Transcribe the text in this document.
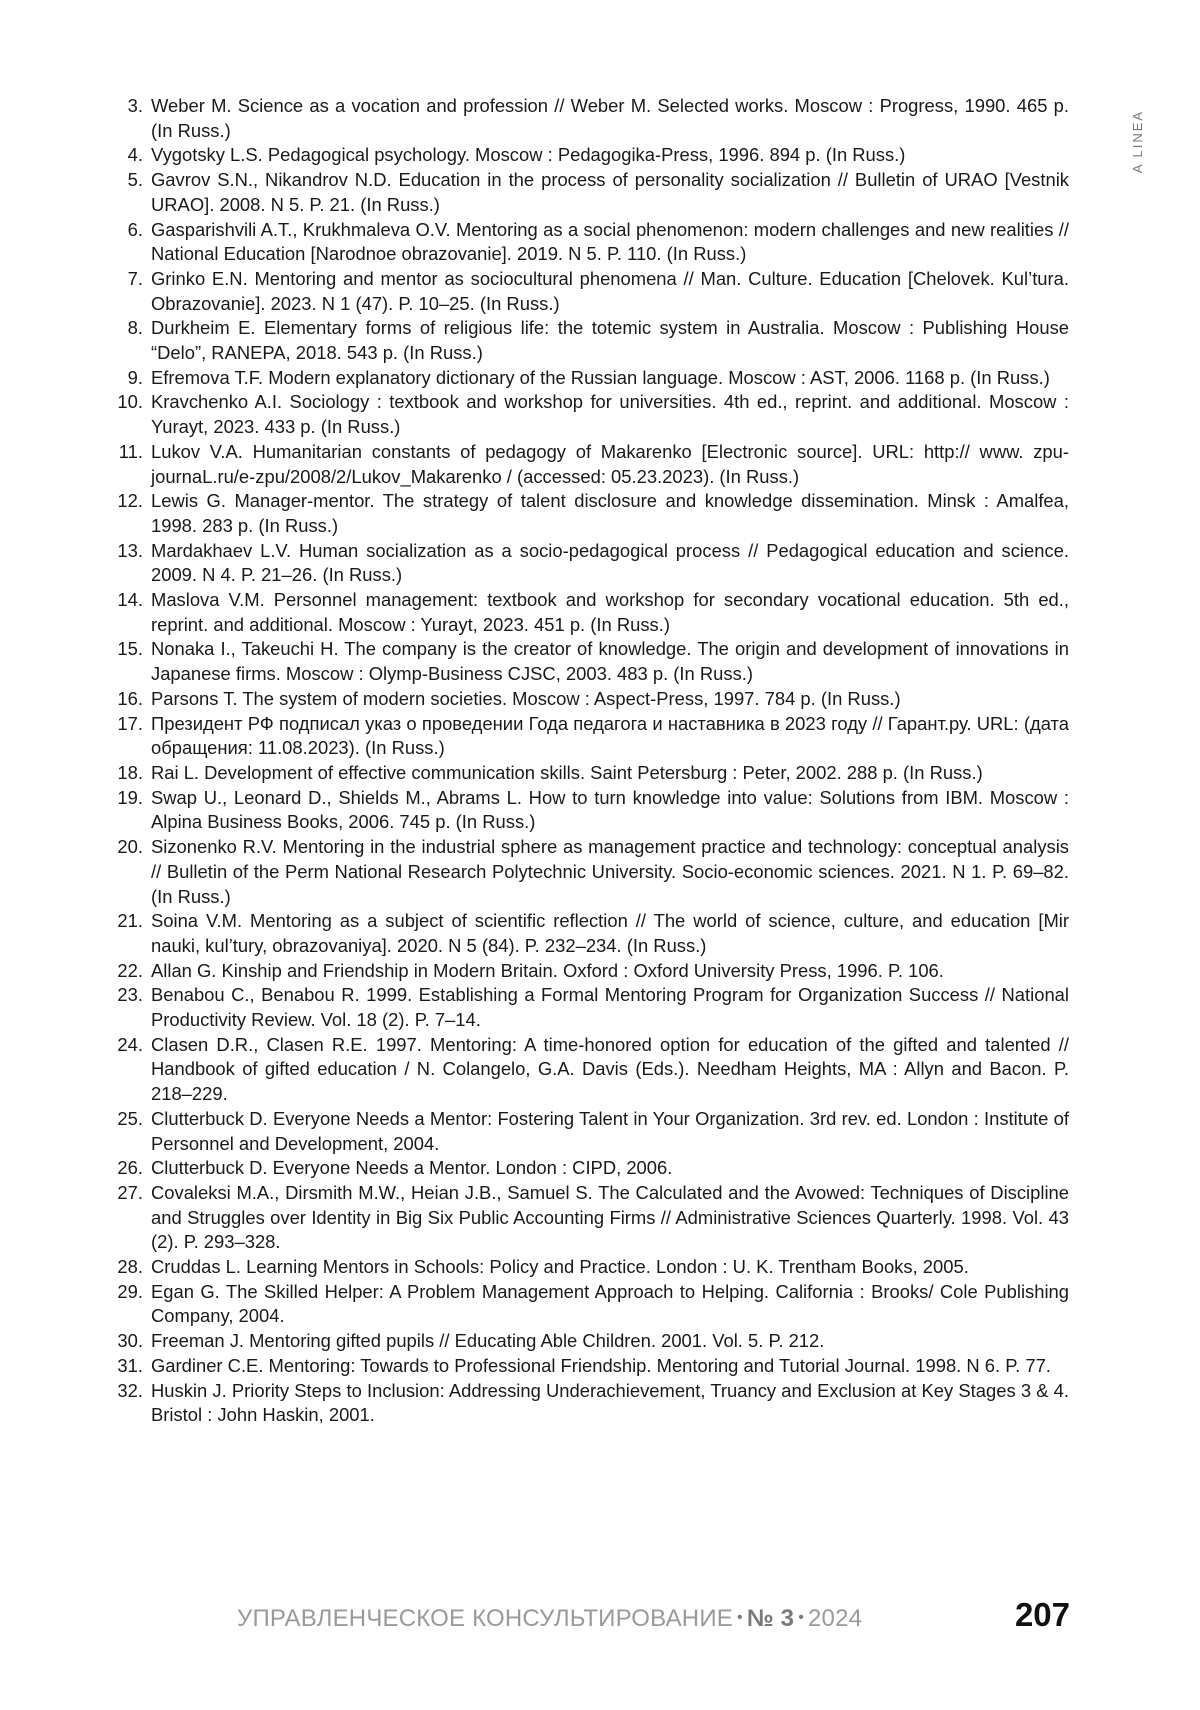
A LINEA
3. Weber M. Science as a vocation and profession // Weber M. Selected works. Moscow : Progress, 1990. 465 p. (In Russ.)
4. Vygotsky L.S. Pedagogical psychology. Moscow : Pedagogika-Press, 1996. 894 p. (In Russ.)
5. Gavrov S.N., Nikandrov N.D. Education in the process of personality socialization // Bulletin of URAO [Vestnik URAO]. 2008. N 5. P. 21. (In Russ.)
6. Gasparishvili A.T., Krukhmaleva O.V. Mentoring as a social phenomenon: modern challenges and new realities // National Education [Narodnoe obrazovanie]. 2019. N 5. P. 110. (In Russ.)
7. Grinko E.N. Mentoring and mentor as sociocultural phenomena // Man. Culture. Education [Chelovek. Kul’tura. Obrazovanie]. 2023. N 1 (47). P. 10–25. (In Russ.)
8. Durkheim E. Elementary forms of religious life: the totemic system in Australia. Moscow : Publishing House “Delo”, RANEPA, 2018. 543 p. (In Russ.)
9. Efremova T.F. Modern explanatory dictionary of the Russian language. Moscow : AST, 2006. 1168 p. (In Russ.)
10. Kravchenko A.I. Sociology : textbook and workshop for universities. 4th ed., reprint. and additional. Moscow : Yurayt, 2023. 433 p. (In Russ.)
11. Lukov V.A. Humanitarian constants of pedagogy of Makarenko [Electronic source]. URL: http:// www. zpu-journaL.ru/e-zpu/2008/2/Lukov_Makarenko / (accessed: 05.23.2023). (In Russ.)
12. Lewis G. Manager-mentor. The strategy of talent disclosure and knowledge dissemination. Minsk : Amalfea, 1998. 283 p. (In Russ.)
13. Mardakhaev L.V. Human socialization as a socio-pedagogical process // Pedagogical education and science. 2009. N 4. P. 21–26. (In Russ.)
14. Maslova V.M. Personnel management: textbook and workshop for secondary vocational education. 5th ed., reprint. and additional. Moscow : Yurayt, 2023. 451 p. (In Russ.)
15. Nonaka I., Takeuchi H. The company is the creator of knowledge. The origin and development of innovations in Japanese firms. Moscow : Olymp-Business CJSC, 2003. 483 p. (In Russ.)
16. Parsons T. The system of modern societies. Moscow : Aspect-Press, 1997. 784 p. (In Russ.)
17. Президент РФ подписал указ о проведении Года педагога и наставника в 2023 году // Гарант.ру. URL: (дата обращения: 11.08.2023). (In Russ.)
18. Rai L. Development of effective communication skills. Saint Petersburg : Peter, 2002. 288 p. (In Russ.)
19. Swap U., Leonard D., Shields M., Abrams L. How to turn knowledge into value: Solutions from IBM. Moscow : Alpina Business Books, 2006. 745 p. (In Russ.)
20. Sizonenko R.V. Mentoring in the industrial sphere as management practice and technology: conceptual analysis // Bulletin of the Perm National Research Polytechnic University. Socio-economic sciences. 2021. N 1. P. 69–82. (In Russ.)
21. Soina V.M. Mentoring as a subject of scientific reflection // The world of science, culture, and education [Mir nauki, kul’tury, obrazovaniya]. 2020. N 5 (84). P. 232–234. (In Russ.)
22. Allan G. Kinship and Friendship in Modern Britain. Oxford : Oxford University Press, 1996. P. 106.
23. Benabou C., Benabou R. 1999. Establishing a Formal Mentoring Program for Organization Success // National Productivity Review. Vol. 18 (2). P. 7–14.
24. Clasen D.R., Clasen R.E. 1997. Mentoring: A time-honored option for education of the gifted and talented // Handbook of gifted education / N. Colangelo, G.A. Davis (Eds.). Needham Heights, MA : Allyn and Bacon. P. 218–229.
25. Clutterbuck D. Everyone Needs a Mentor: Fostering Talent in Your Organization. 3rd rev. ed. London : Institute of Personnel and Development, 2004.
26. Clutterbuck D. Everyone Needs a Mentor. London : CIPD, 2006.
27. Covaleksi M.A., Dirsmith M.W., Heian J.B., Samuel S. The Calculated and the Avowed: Techniques of Discipline and Struggles over Identity in Big Six Public Accounting Firms // Administrative Sciences Quarterly. 1998. Vol. 43 (2). P. 293–328.
28. Cruddas L. Learning Mentors in Schools: Policy and Practice. London : U. K. Trentham Books, 2005.
29. Egan G. The Skilled Helper: A Problem Management Approach to Helping. California : Brooks/ Cole Publishing Company, 2004.
30. Freeman J. Mentoring gifted pupils // Educating Able Children. 2001. Vol. 5. P. 212.
31. Gardiner C.E. Mentoring: Towards to Professional Friendship. Mentoring and Tutorial Journal. 1998. N 6. P. 77.
32. Huskin J. Priority Steps to Inclusion: Addressing Underachievement, Truancy and Exclusion at Key Stages 3 & 4. Bristol : John Haskin, 2001.
УПРАВЛЕНЧЕСКОЕ КОНСУЛЬТИРОВАНИЕ • № 3 • 2024	207
